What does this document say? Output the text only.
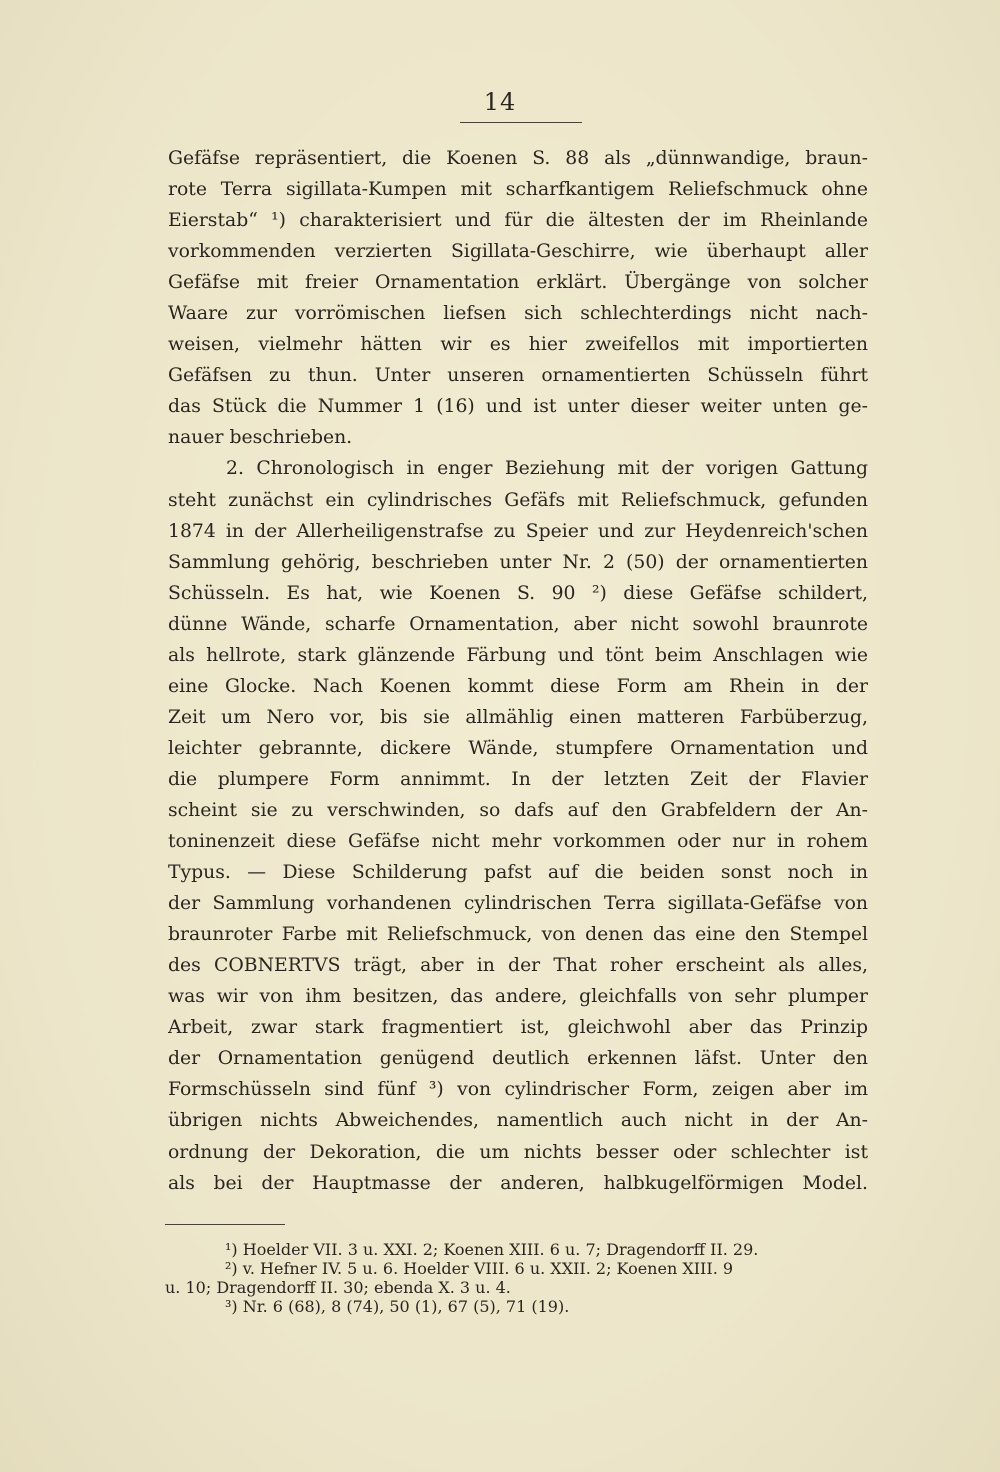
14
Gefäfse repräsentiert, die Koenen S. 88 als „dünnwandige, braun-
rote Terra sigillata-Kumpen mit scharfkantigem Reliefschmuck ohne
Eierstab“ ¹) charakterisiert und für die ältesten der im Rheinlande
vorkommenden verzierten Sigillata-Geschirre, wie überhaupt aller
Gefäfse mit freier Ornamentation erklärt. Übergänge von solcher
Waare zur vorrömischen liefsen sich schlechterdings nicht nach-
weisen, vielmehr hätten wir es hier zweifellos mit importierten
Gefäfsen zu thun. Unter unseren ornamentierten Schüsseln führt
das Stück die Nummer 1 (16) und ist unter dieser weiter unten ge-
nauer beschrieben.
2. Chronologisch in enger Beziehung mit der vorigen Gattung
steht zunächst ein cylindrisches Gefäfs mit Reliefschmuck, gefunden
1874 in der Allerheiligenstrafse zu Speier und zur Heydenreich'schen
Sammlung gehörig, beschrieben unter Nr. 2 (50) der ornamentierten
Schüsseln. Es hat, wie Koenen S. 90 ²) diese Gefäfse schildert,
dünne Wände, scharfe Ornamentation, aber nicht sowohl braunrote
als hellrote, stark glänzende Färbung und tönt beim Anschlagen wie
eine Glocke. Nach Koenen kommt diese Form am Rhein in der
Zeit um Nero vor, bis sie allmählig einen matteren Farbüberzug,
leichter gebrannte, dickere Wände, stumpfere Ornamentation und
die plumpere Form annimmt. In der letzten Zeit der Flavier
scheint sie zu verschwinden, so dafs auf den Grabfeldern der An-
toninenzeit diese Gefäfse nicht mehr vorkommen oder nur in rohem
Typus. — Diese Schilderung pafst auf die beiden sonst noch in
der Sammlung vorhandenen cylindrischen Terra sigillata-Gefäfse von
braunroter Farbe mit Reliefschmuck, von denen das eine den Stempel
des COBNERTVS trägt, aber in der That roher erscheint als alles,
was wir von ihm besitzen, das andere, gleichfalls von sehr plumper
Arbeit, zwar stark fragmentiert ist, gleichwohl aber das Prinzip
der Ornamentation genügend deutlich erkennen läfst. Unter den
Formschüsseln sind fünf ³) von cylindrischer Form, zeigen aber im
übrigen nichts Abweichendes, namentlich auch nicht in der An-
ordnung der Dekoration, die um nichts besser oder schlechter ist
als bei der Hauptmasse der anderen, halbkugelförmigen Model.
¹) Hoelder VII. 3 u. XXI. 2; Koenen XIII. 6 u. 7; Dragendorff II. 29.
²) v. Hefner IV. 5 u. 6. Hoelder VIII. 6 u. XXII. 2; Koenen XIII. 9
u. 10; Dragendorff II. 30; ebenda X. 3 u. 4.
³) Nr. 6 (68), 8 (74), 50 (1), 67 (5), 71 (19).
